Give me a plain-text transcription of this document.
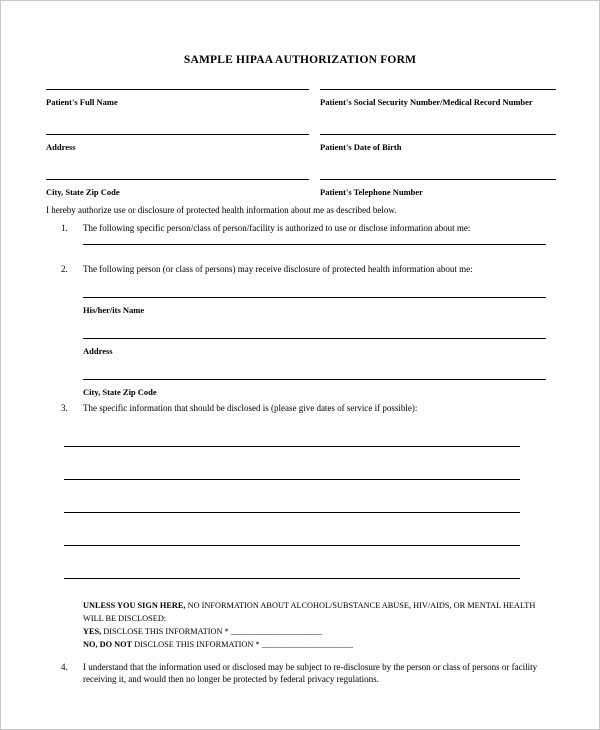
SAMPLE HIPAA AUTHORIZATION FORM
Patient's Full Name	Patient's Social Security Number/Medical Record Number
Address	Patient's Date of Birth
City, State Zip Code	Patient's Telephone Number

I hereby authorize use or disclosure of protected health information about me as described below.

1.	The following specific person/class of person/facility is authorized to use or disclose information about me:

2.	The following person (or class of persons) may receive disclosure of protected health information about me:

His/her/its Name
Address
City, State Zip Code
3.	The specific information that should be disclosed is (please give dates of service if possible):

UNLESS YOU SIGN HERE, NO INFORMATION ABOUT ALCOHOL/SUBSTANCE ABUSE, HIV/AIDS, OR MENTAL HEALTH

WILL BE DISCLOSED:

YES, DISCLOSE THIS INFORMATION * ______________________

NO, DO NOT DISCLOSE THIS INFORMATION * ______________________

4.	I understand that the information used or disclosed may be subject to re-disclosure by the person or class of persons or facility receiving it, and would then no longer be protected by federal privacy regulations.
